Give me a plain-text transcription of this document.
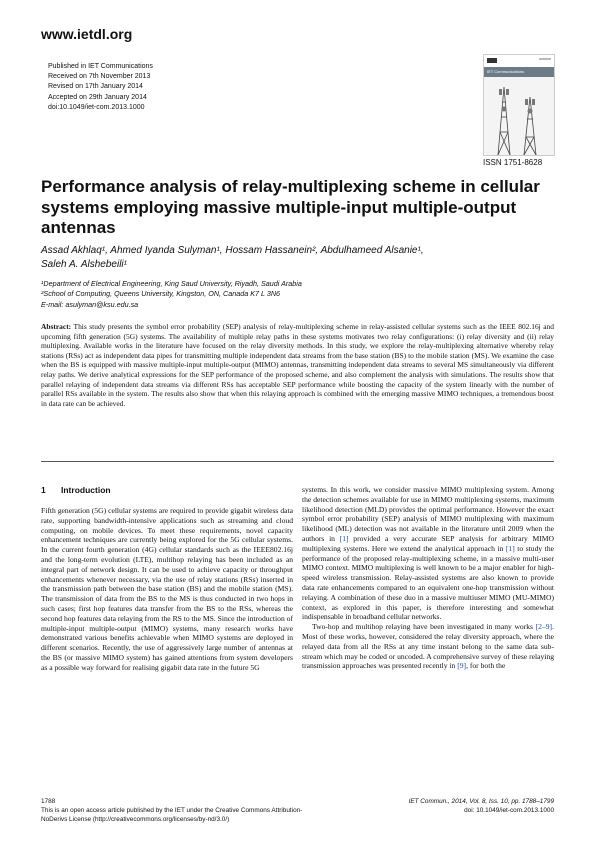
www.ietdl.org
Published in IET Communications
Received on 7th November 2013
Revised on 17th January 2014
Accepted on 29th January 2014
doi:10.1049/iet-com.2013.1000
IET Communications
ISSN 1751-8628
Performance analysis of relay-multiplexing scheme in cellular systems employing massive multiple-input multiple-output antennas
Assad Akhlaq¹, Ahmed Iyanda Sulyman¹, Hossam Hassanein², Abdulhameed Alsanie¹,
Saleh A. Alshebeili¹
¹Department of Electrical Engineering, King Saud University, Riyadh, Saudi Arabia
²School of Computing, Queens University, Kingston, ON, Canada K7 L 3N6
E-mail: asulyman@ksu.edu.sa
Abstract: This study presents the symbol error probability (SEP) analysis of relay-multiplexing scheme in relay-assisted cellular systems such as the IEEE 802.16j and upcoming fifth generation (5G) systems. The availability of multiple relay paths in these systems motivates two relay configurations: (i) relay diversity and (ii) relay multiplexing. Available works in the literature have focused on the relay diversity methods. In this study, we explore the relay-multiplexing alternative whereby relay stations (RSs) act as independent data pipes for transmitting multiple independent data streams from the base station (BS) to the mobile station (MS). We examine the case when the BS is equipped with massive multiple-input multiple-output (MIMO) antennas, transmitting independent data streams to several MS simultaneously via different relay paths. We derive analytical expressions for the SEP performance of the proposed scheme, and also complement the analysis with simulations. The results show that parallel relaying of independent data streams via different RSs has acceptable SEP performance while boosting the capacity of the system linearly with the number of parallel RSs available in the system. The results also show that when this relaying approach is combined with the emerging massive MIMO techniques, a tremendous boost in data rate can be achieved.
1 Introduction

Fifth generation (5G) cellular systems are required to provide gigabit wireless data rate, supporting bandwidth-intensive applications such as streaming and cloud computing, on mobile devices. To meet these requirements, novel capacity enhancement techniques are currently being explored for the 5G cellular systems. In the current fourth generation (4G) cellular standards such as the IEEE802.16j and the long-term evolution (LTE), multihop relaying has been included as an integral part of network design. It can be used to achieve capacity or throughput enhancements whenever necessary, via the use of relay stations (RSs) inserted in the transmission path between the base station (BS) and the mobile station (MS). The transmission of data from the BS to the MS is thus conducted in two hops in such cases; first hop features data transfer from the BS to the RSs, whereas the second hop features data relaying from the RS to the MS. Since the introduction of multiple-input multiple-output (MIMO) systems, many research works have demonstrated various benefits achievable when MIMO systems are deployed in different scenarios. Recently, the use of aggressively large number of antennas at the BS (or massive MIMO system) has gained attentions from system developers as a possible way forward for realising gigabit data rate in the future 5G

systems. In this work, we consider massive MIMO multiplexing system. Among the detection schemes available for use in MIMO multiplexing systems, maximum likelihood detection (MLD) provides the optimal performance. However the exact symbol error probability (SEP) analysis of MIMO multiplexing with maximum likelihood (ML) detection was not available in the literature until 2009 when the authors in [1] provided a very accurate SEP analysis for arbitrary MIMO multiplexing systems. Here we extend the analytical approach in [1] to study the performance of the proposed relay-multiplexing scheme, in a massive multi-user MIMO context. MIMO multiplexing is well known to be a major enabler for high-speed wireless transmission. Relay-assisted systems are also known to provide data rate enhancements compared to an equivalent one-hop transmission without relaying. A combination of these duo in a massive multiuser MIMO (MU-MIMO) context, as explored in this paper, is therefore interesting and somewhat indispensable in broadband cellular networks.

Two-hop and multihop relaying have been investigated in many works [2–9]. Most of these works, however, considered the relay diversity approach, where the relayed data from all the RSs at any time instant belong to the same data sub-stream which may be coded or uncoded. A comprehensive survey of these relaying transmission approaches was presented recently in [9], for both the

1788
This is an open access article published by the IET under the Creative Commons Attribution-
NoDerivs License (http://creativecommons.org/licenses/by-nd/3.0/)
IET Commun., 2014, Vol. 8, Iss. 10, pp. 1788–1799
doi: 10.1049/iet-com.2013.1000
